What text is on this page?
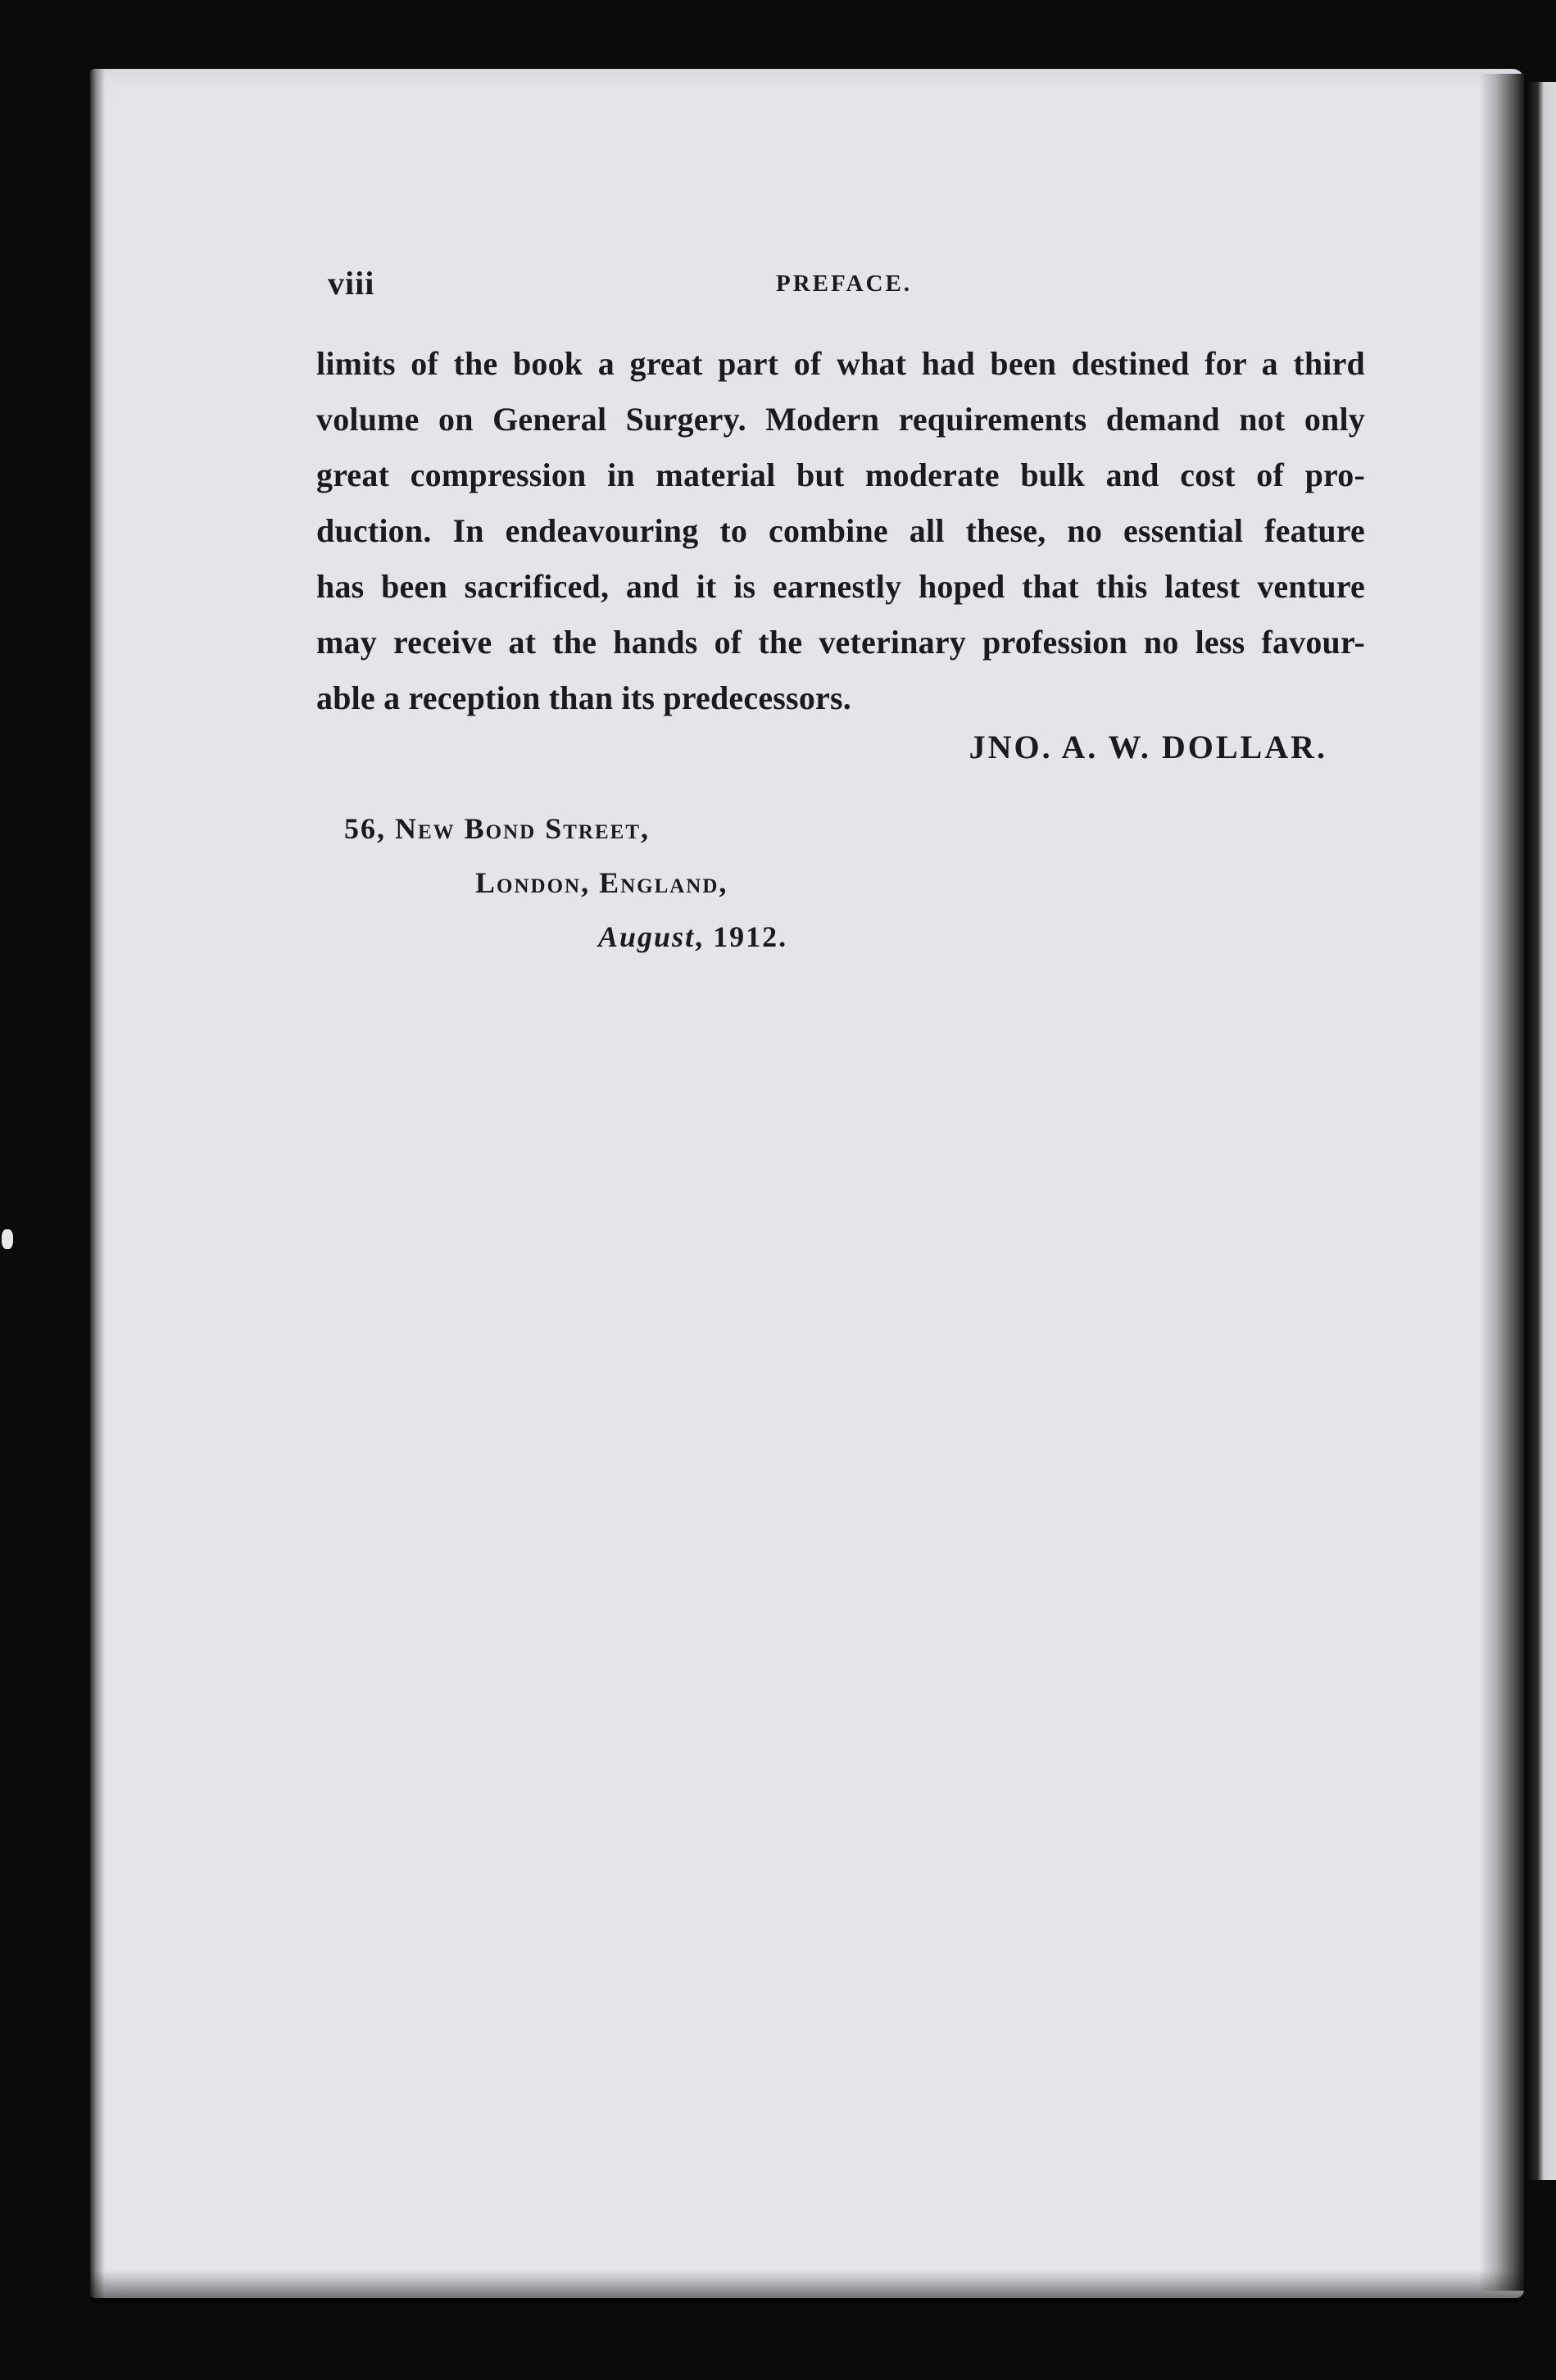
viii	PREFACE.
limits of the book a great part of what had been destined for a third
volume on General Surgery. Modern requirements demand not only
great compression in material but moderate bulk and cost of pro-
duction. In endeavouring to combine all these, no essential feature
has been sacrificed, and it is earnestly hoped that this latest venture
may receive at the hands of the veterinary profession no less favour-
able a reception than its predecessors.
JNO. A. W. DOLLAR.
56, New Bond Street,
London, England,
August, 1912.
